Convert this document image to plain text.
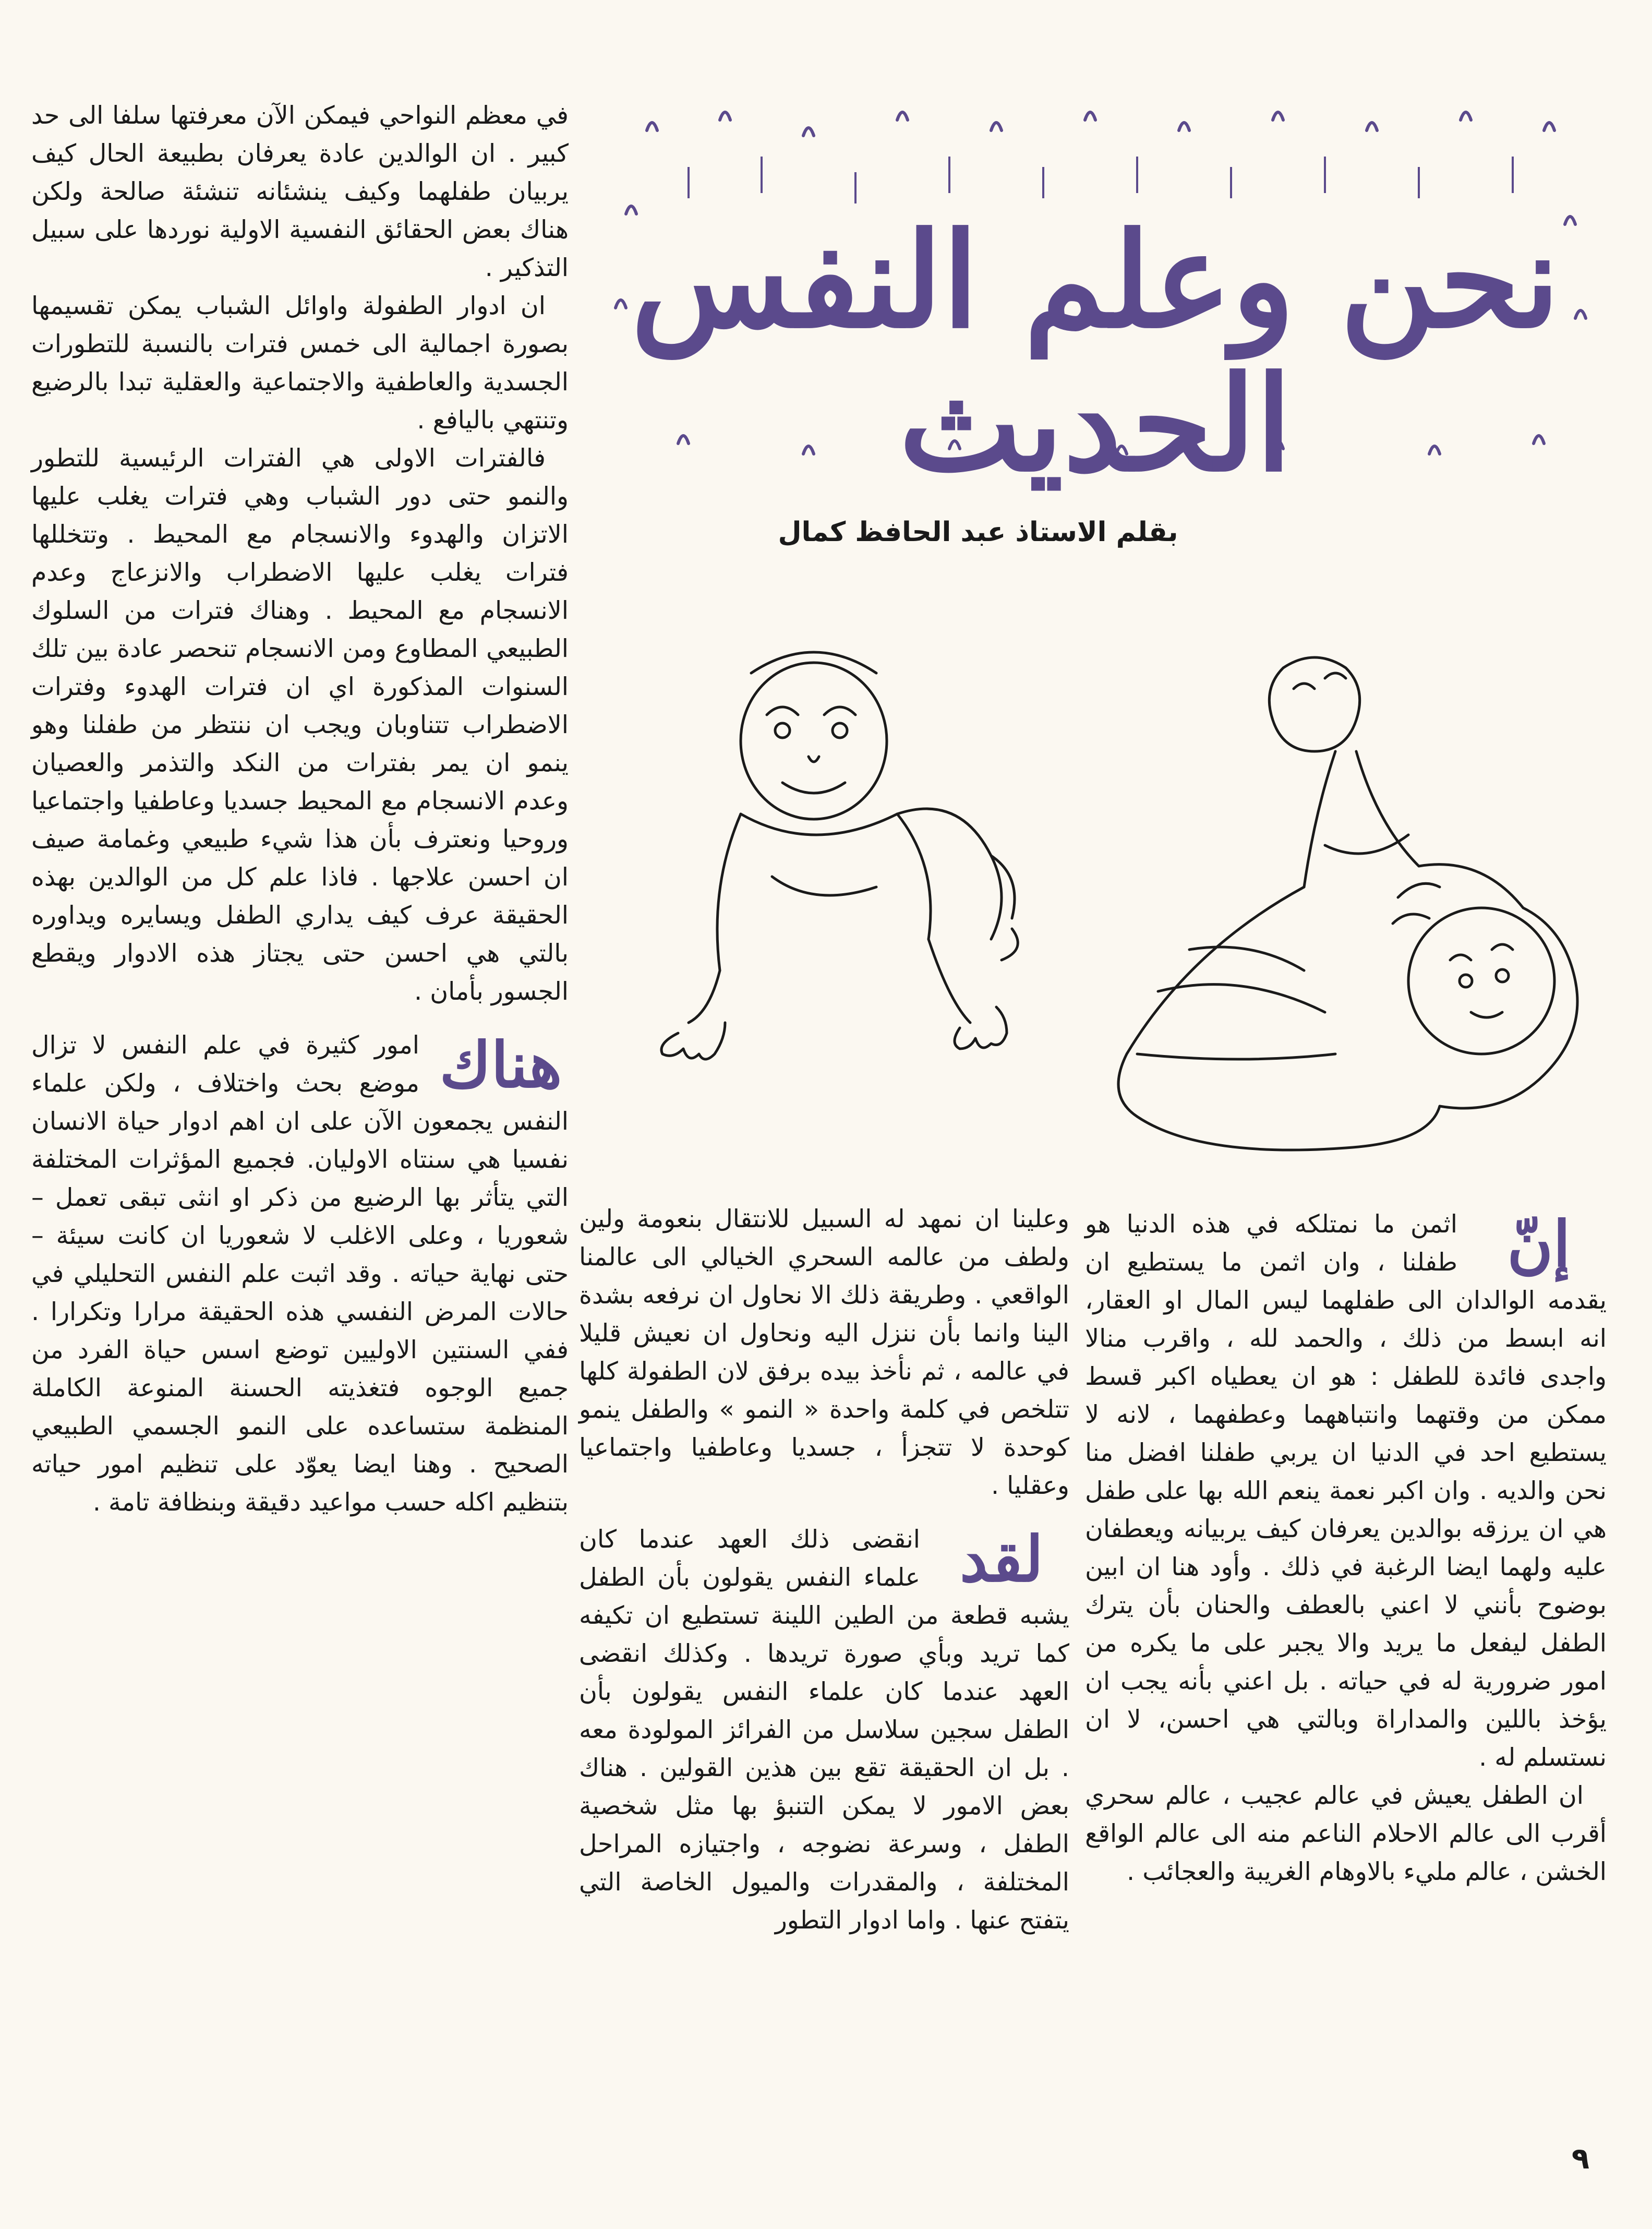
نحن وعلم النفس الحديث
بقلم الاستاذ عبد الحافظ كمال

في معظم النواحي فيمكن الآن معرفتها سلفا الى حد كبير . ان الوالدين عادة يعرفان بطبيعة الحال كيف يربيان طفلهما وكيف ينشئانه تنشئة صالحة ولكن هناك بعض الحقائق النفسية الاولية نوردها على سبيل التذكير .

ان ادوار الطفولة واوائل الشباب يمكن تقسيمها بصورة اجمالية الى خمس فترات بالنسبة للتطورات الجسدية والعاطفية والاجتماعية والعقلية تبدا بالرضيع وتنتهي باليافع .

فالفترات الاولى هي الفترات الرئيسية للتطور والنمو حتى دور الشباب وهي فترات يغلب عليها الاتزان والهدوء والانسجام مع المحيط . وتتخللها فترات يغلب عليها الاضطراب والانزعاج وعدم الانسجام مع المحيط . وهناك فترات من السلوك الطبيعي المطاوع ومن الانسجام تنحصر عادة بين تلك السنوات المذكورة اي ان فترات الهدوء وفترات الاضطراب تتناوبان ويجب ان ننتظر من طفلنا وهو ينمو ان يمر بفترات من النكد والتذمر والعصيان وعدم الانسجام مع المحيط جسديا وعاطفيا واجتماعيا وروحيا ونعترف بأن هذا شيء طبيعي وغمامة صيف ان احسن علاجها . فاذا علم كل من الوالدين بهذه الحقيقة عرف كيف يداري الطفل ويسايره ويداوره بالتي هي احسن حتى يجتاز هذه الادوار ويقطع الجسور بأمان .

هناك

امور كثيرة في علم النفس لا تزال موضع بحث واختلاف ، ولكن علماء النفس يجمعون الآن على ان اهم ادوار حياة الانسان نفسيا هي سنتاه الاوليان. فجميع المؤثرات المختلفة التي يتأثر بها الرضيع من ذكر او انثى تبقى تعمل – شعوريا ، وعلى الاغلب لا شعوريا ان كانت سيئة – حتى نهاية حياته . وقد اثبت علم النفس التحليلي في حالات المرض النفسي هذه الحقيقة مرارا وتكرارا . ففي السنتين الاوليين توضع اسس حياة الفرد من جميع الوجوه فتغذيته الحسنة المنوعة الكاملة المنظمة ستساعده على النمو الجسمي الطبيعي الصحيح . وهنا ايضا يعوّد على تنظيم امور حياته بتنظيم اكله حسب مواعيد دقيقة وبنظافة تامة .

وعلينا ان نمهد له السبيل للانتقال بنعومة ولين ولطف من عالمه السحري الخيالي الى عالمنا الواقعي . وطريقة ذلك الا نحاول ان نرفعه بشدة الينا وانما بأن ننزل اليه ونحاول ان نعيش قليلا في عالمه ، ثم نأخذ بيده برفق لان الطفولة كلها تتلخص في كلمة واحدة « النمو » والطفل ينمو كوحدة لا تتجزأ ، جسديا وعاطفيا واجتماعيا وعقليا .

لقد

انقضى ذلك العهد عندما كان علماء النفس يقولون بأن الطفل يشبه قطعة من الطين اللينة تستطيع ان تكيفه كما تريد وبأي صورة تريدها . وكذلك انقضى العهد عندما كان علماء النفس يقولون بأن الطفل سجين سلاسل من الفرائز المولودة معه . بل ان الحقيقة تقع بين هذين القولين . هناك بعض الامور لا يمكن التنبؤ بها مثل شخصية الطفل ، وسرعة نضوجه ، واجتيازه المراحل المختلفة ، والمقدرات والميول الخاصة التي يتفتح عنها . واما ادوار التطور

إنّ

اثمن ما نمتلكه في هذه الدنيا هو طفلنا ، وان اثمن ما يستطيع ان يقدمه الوالدان الى طفلهما ليس المال او العقار، انه ابسط من ذلك ، والحمد لله ، واقرب منالا واجدى فائدة للطفل : هو ان يعطياه اكبر قسط ممكن من وقتهما وانتباههما وعطفهما ، لانه لا يستطيع احد في الدنيا ان يربي طفلنا افضل منا نحن والديه . وان اكبر نعمة ينعم الله بها على طفل هي ان يرزقه بوالدين يعرفان كيف يربيانه ويعطفان عليه ولهما ايضا الرغبة في ذلك . وأود هنا ان ابين بوضوح بأنني لا اعني بالعطف والحنان بأن يترك الطفل ليفعل ما يريد والا يجبر على ما يكره من امور ضرورية له في حياته . بل اعني بأنه يجب ان يؤخذ باللين والمداراة وبالتي هي احسن، لا ان نستسلم له .

ان الطفل يعيش في عالم عجيب ، عالم سحري أقرب الى عالم الاحلام الناعم منه الى عالم الواقع الخشن ، عالم مليء بالاوهام الغريبة والعجائب .

٩
